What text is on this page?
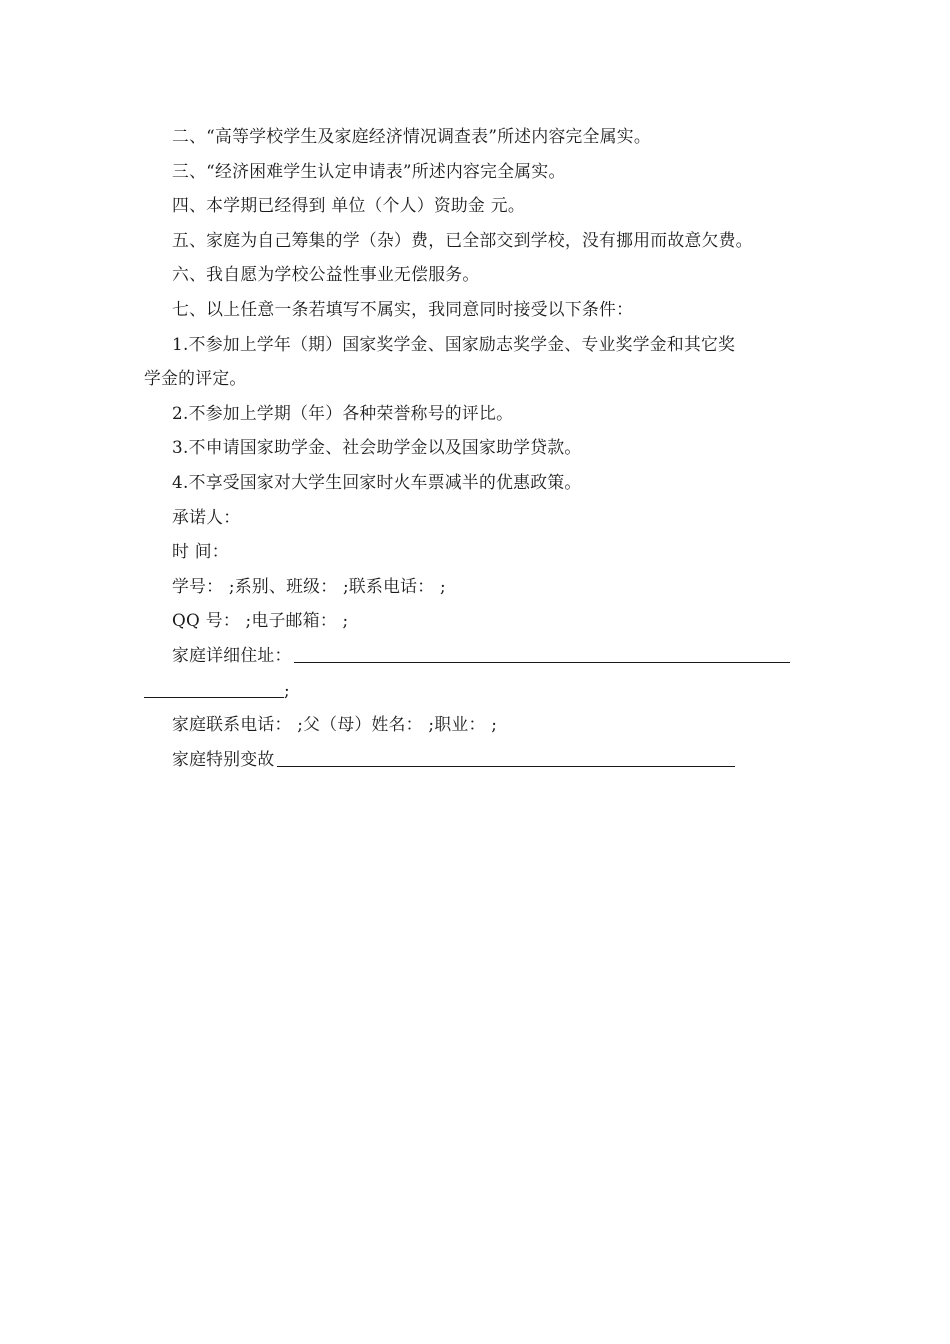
二、“高等学校学生及家庭经济情况调查表”所述内容完全属实。
三、“经济困难学生认定申请表”所述内容完全属实。
四、本学期已经得到 单位（个人）资助金 元。
五、家庭为自己筹集的学（杂）费，已全部交到学校，没有挪用而故意欠费。
六、我自愿为学校公益性事业无偿服务。
七、以上任意一条若填写不属实，我同意同时接受以下条件：
1.不参加上学年（期）国家奖学金、国家励志奖学金、专业奖学金和其它奖
学金的评定。
2.不参加上学期（年）各种荣誉称号的评比。
3.不申请国家助学金、社会助学金以及国家助学贷款。
4.不享受国家对大学生回家时火车票减半的优惠政策。
承诺人：
时 间：
学号： ;系别、班级： ;联系电话： ;
QQ 号： ;电子邮箱： ;
家庭详细住址：
;
家庭联系电话： ;父（母）姓名： ;职业： ;
家庭特别变故
